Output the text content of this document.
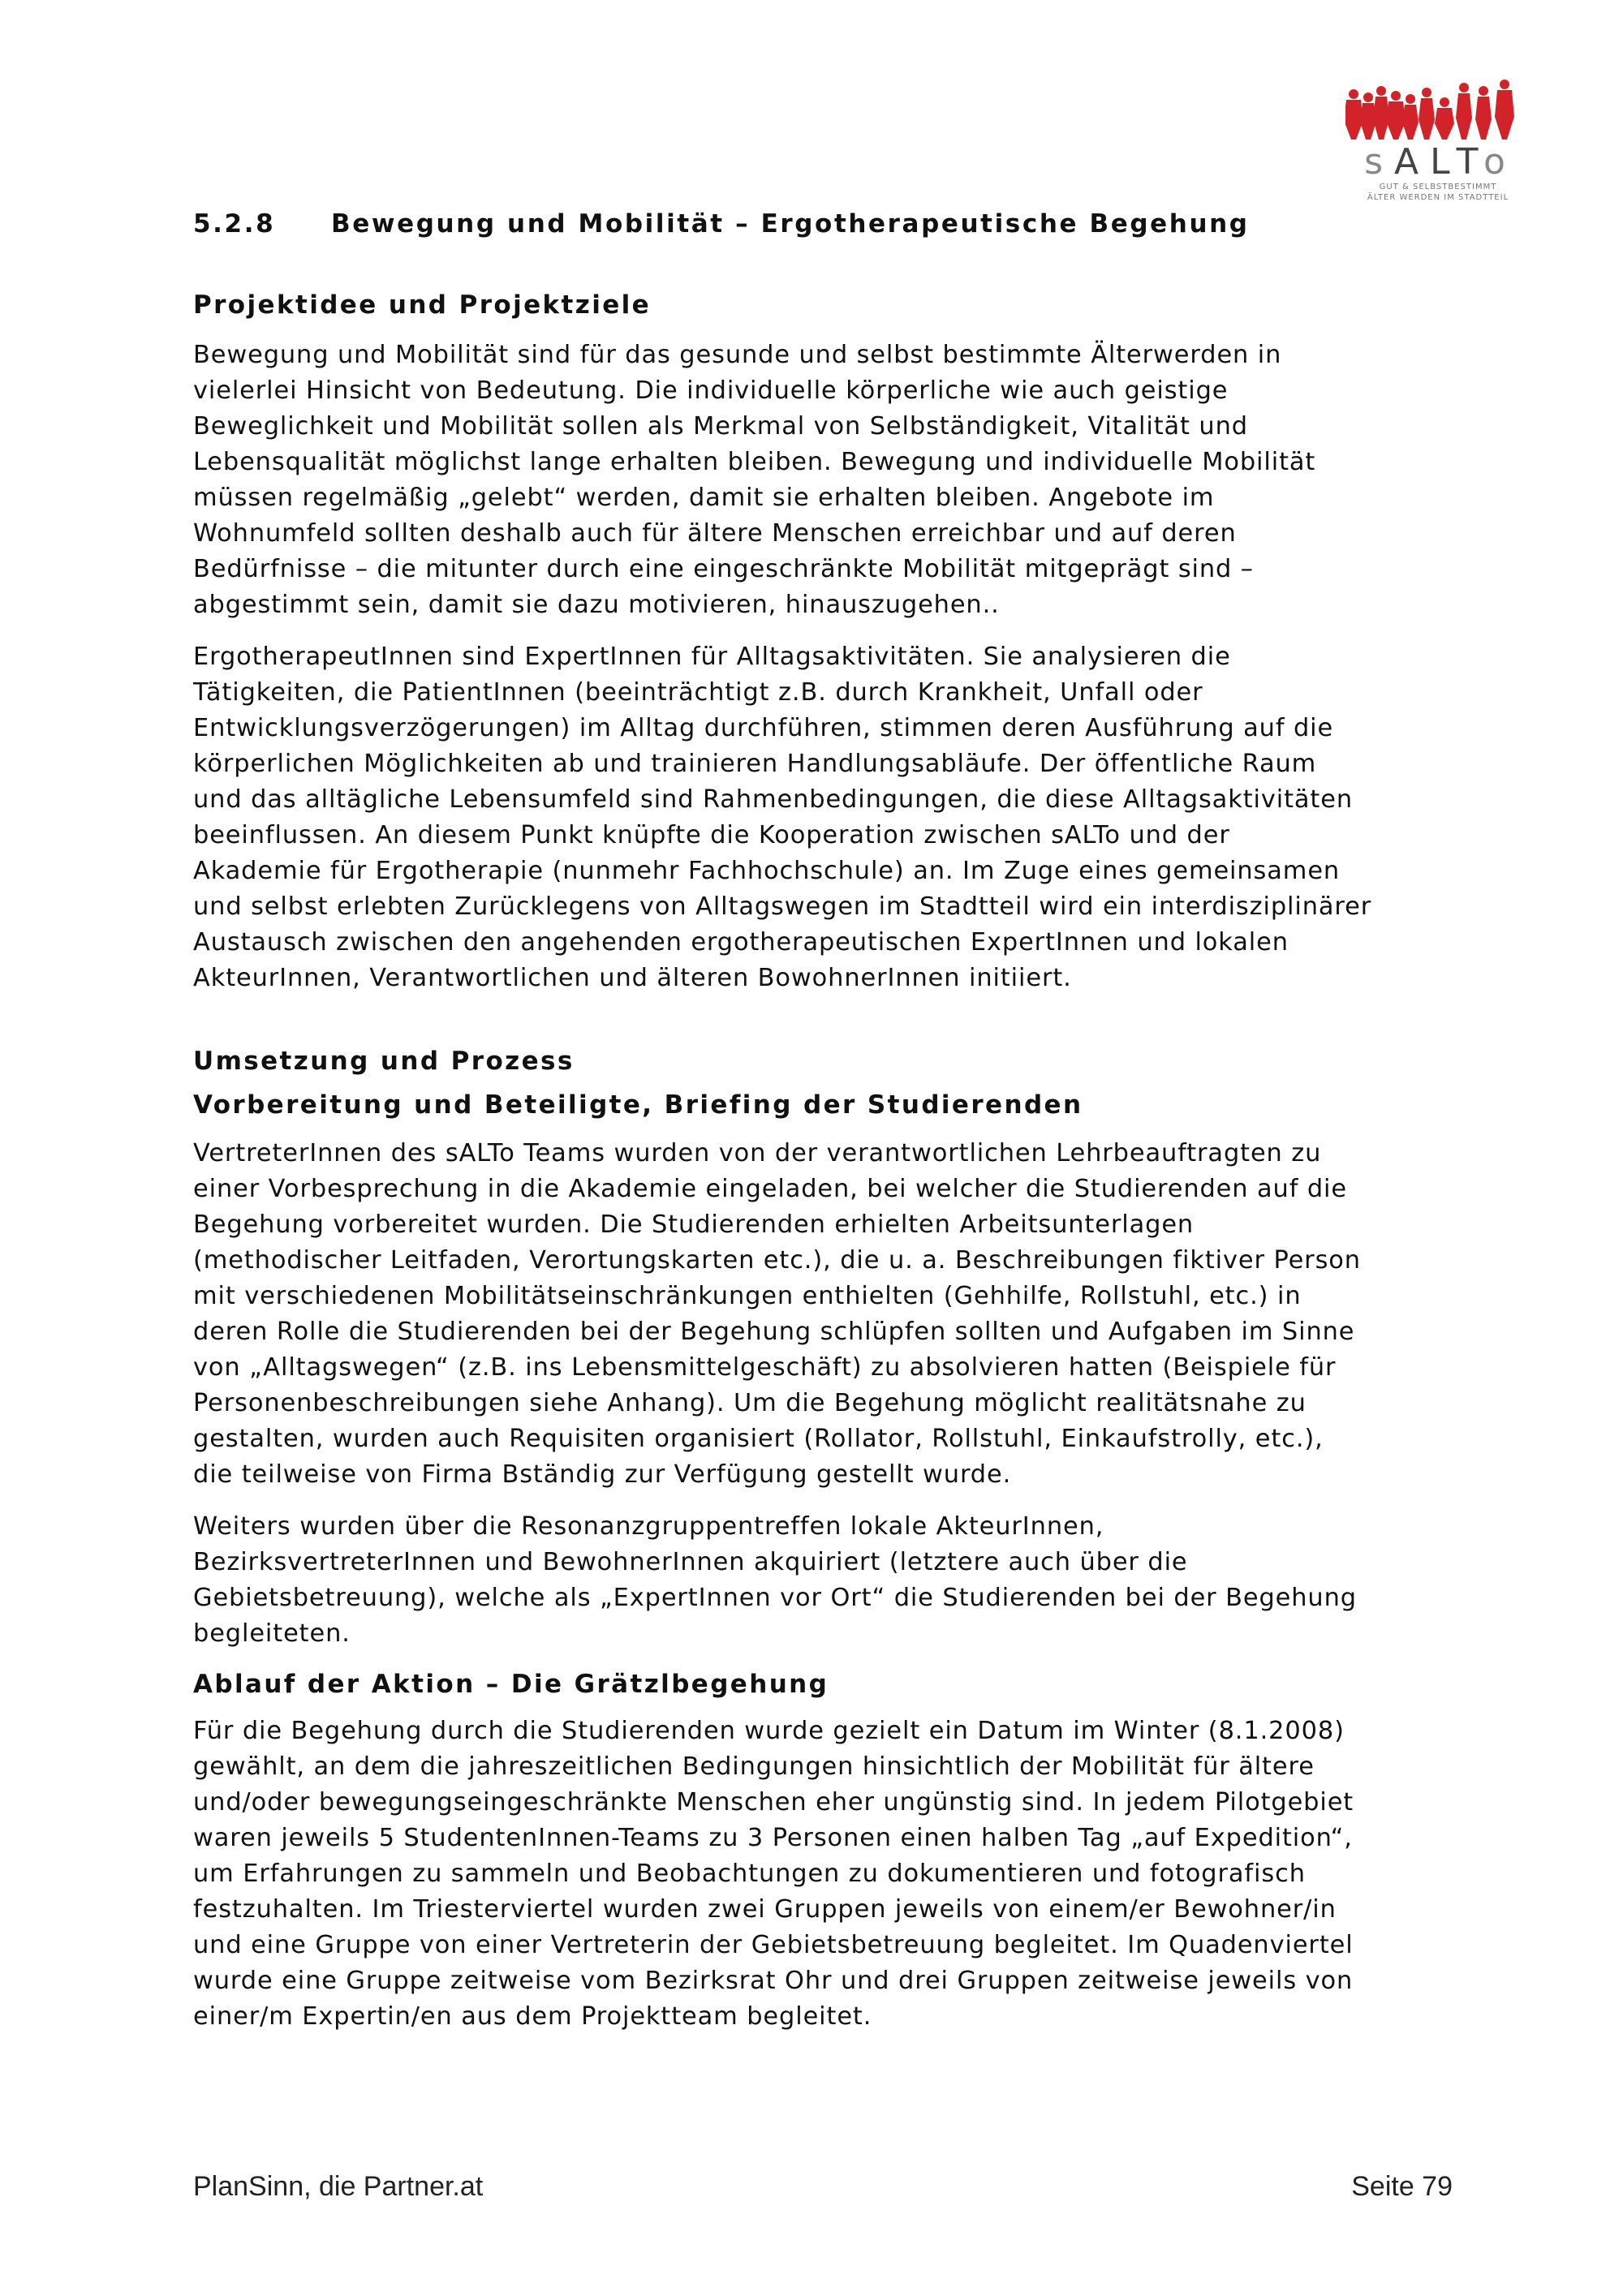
sALTo
GUT & SELBSTBESTIMMT
ÄLTER WERDEN IM STADTTEIL
5.2.8	Bewegung und Mobilität – Ergotherapeutische Begehung
Projektidee und Projektziele
Bewegung und Mobilität sind für das gesunde und selbst bestimmte Älterwerden in
vielerlei Hinsicht von Bedeutung. Die individuelle körperliche wie auch geistige
Beweglichkeit und Mobilität sollen als Merkmal von Selbständigkeit, Vitalität und
Lebensqualität möglichst lange erhalten bleiben. Bewegung und individuelle Mobilität
müssen regelmäßig „gelebt“ werden, damit sie erhalten bleiben. Angebote im
Wohnumfeld sollten deshalb auch für ältere Menschen erreichbar und auf deren
Bedürfnisse – die mitunter durch eine eingeschränkte Mobilität mitgeprägt sind –
abgestimmt sein, damit sie dazu motivieren, hinauszugehen..
ErgotherapeutInnen sind ExpertInnen für Alltagsaktivitäten. Sie analysieren die
Tätigkeiten, die PatientInnen (beeinträchtigt z.B. durch Krankheit, Unfall oder
Entwicklungsverzögerungen) im Alltag durchführen, stimmen deren Ausführung auf die
körperlichen Möglichkeiten ab und trainieren Handlungsabläufe. Der öffentliche Raum
und das alltägliche Lebensumfeld sind Rahmenbedingungen, die diese Alltagsaktivitäten
beeinflussen. An diesem Punkt knüpfte die Kooperation zwischen sALTo und der
Akademie für Ergotherapie (nunmehr Fachhochschule) an. Im Zuge eines gemeinsamen
und selbst erlebten Zurücklegens von Alltagswegen im Stadtteil wird ein interdisziplinärer
Austausch zwischen den angehenden ergotherapeutischen ExpertInnen und lokalen
AkteurInnen, Verantwortlichen und älteren BowohnerInnen initiiert.
Umsetzung und Prozess
Vorbereitung und Beteiligte, Briefing der Studierenden
VertreterInnen des sALTo Teams wurden von der verantwortlichen Lehrbeauftragten zu
einer Vorbesprechung in die Akademie eingeladen, bei welcher die Studierenden auf die
Begehung vorbereitet wurden. Die Studierenden erhielten Arbeitsunterlagen
(methodischer Leitfaden, Verortungskarten etc.), die u. a. Beschreibungen fiktiver Person
mit verschiedenen Mobilitätseinschränkungen enthielten (Gehhilfe, Rollstuhl, etc.) in
deren Rolle die Studierenden bei der Begehung schlüpfen sollten und Aufgaben im Sinne
von „Alltagswegen“ (z.B. ins Lebensmittelgeschäft) zu absolvieren hatten (Beispiele für
Personenbeschreibungen siehe Anhang). Um die Begehung möglicht realitätsnahe zu
gestalten, wurden auch Requisiten organisiert (Rollator, Rollstuhl, Einkaufstrolly, etc.),
die teilweise von Firma Bständig zur Verfügung gestellt wurde.
Weiters wurden über die Resonanzgruppentreffen lokale AkteurInnen,
BezirksvertreterInnen und BewohnerInnen akquiriert (letztere auch über die
Gebietsbetreuung), welche als „ExpertInnen vor Ort“ die Studierenden bei der Begehung
begleiteten.
Ablauf der Aktion – Die Grätzlbegehung
Für die Begehung durch die Studierenden wurde gezielt ein Datum im Winter (8.1.2008)
gewählt, an dem die jahreszeitlichen Bedingungen hinsichtlich der Mobilität für ältere
und/oder bewegungseingeschränkte Menschen eher ungünstig sind. In jedem Pilotgebiet
waren jeweils 5 StudentenInnen-Teams zu 3 Personen einen halben Tag „auf Expedition“,
um Erfahrungen zu sammeln und Beobachtungen zu dokumentieren und fotografisch
festzuhalten. Im Triesterviertel wurden zwei Gruppen jeweils von einem/er Bewohner/in
und eine Gruppe von einer Vertreterin der Gebietsbetreuung begleitet. Im Quadenviertel
wurde eine Gruppe zeitweise vom Bezirksrat Ohr und drei Gruppen zeitweise jeweils von
einer/m Expertin/en aus dem Projektteam begleitet.
PlanSinn, die Partner.at	Seite 79
